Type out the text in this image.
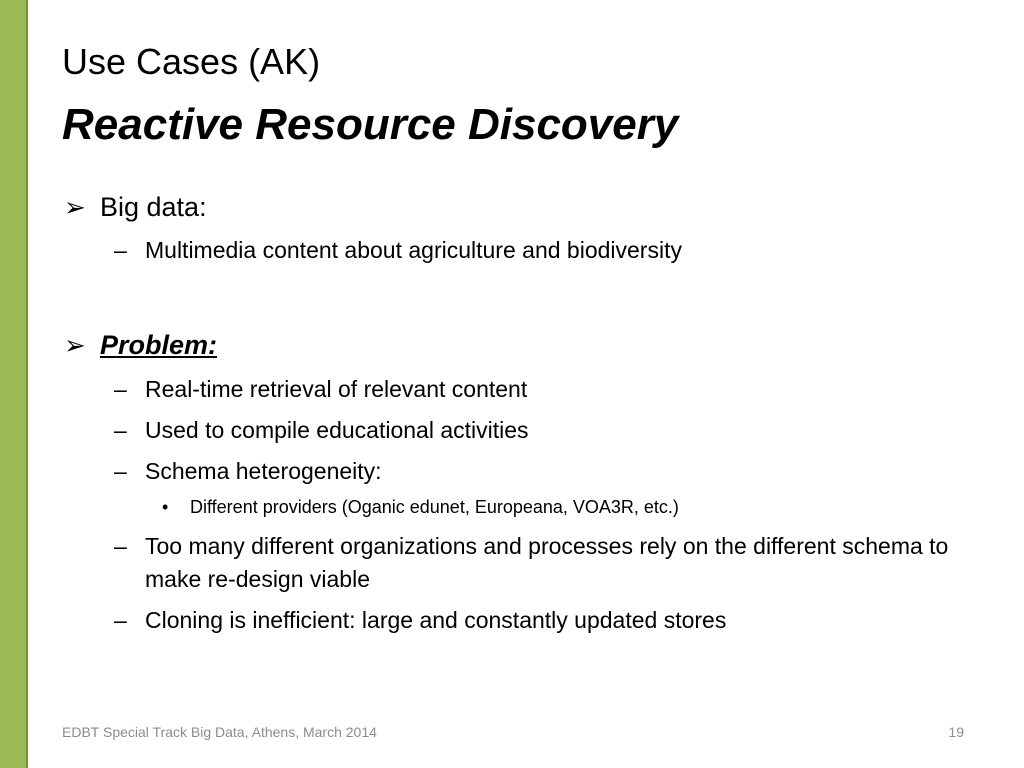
Use Cases (AK)
Reactive Resource Discovery
➢ Big data:
– Multimedia content about agriculture and biodiversity
➢ Problem:
– Real-time retrieval of relevant content
– Used to compile educational activities
– Schema heterogeneity:
•	Different providers (Oganic edunet, Europeana, VOA3R, etc.)
– Too many different organizations and processes rely on the different schema to make re-design viable
– Cloning is inefficient: large and constantly updated stores
EDBT Special Track Big Data, Athens, March 2014	19
